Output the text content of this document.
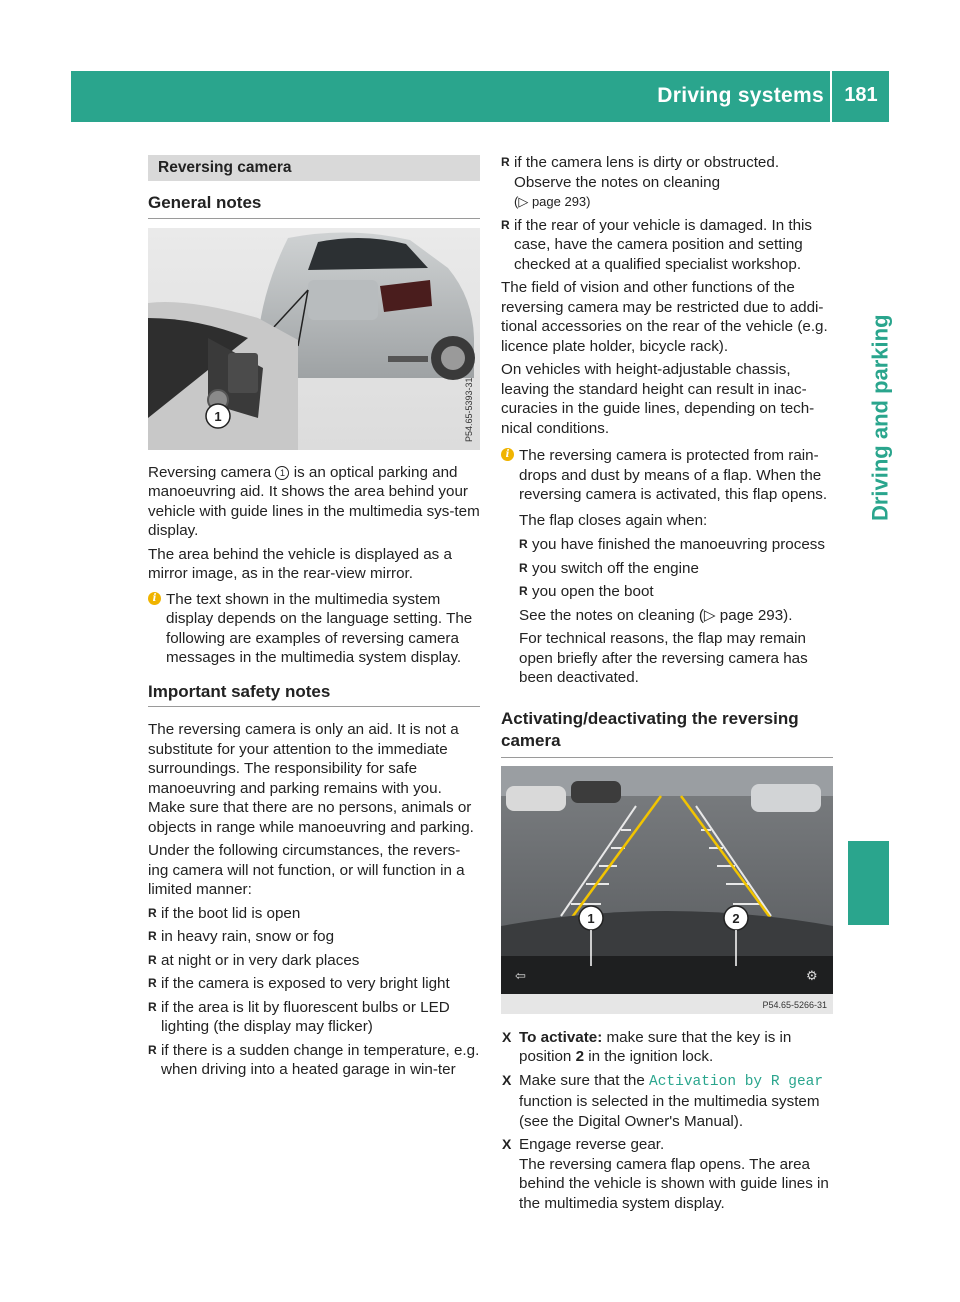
Driving systems	181
Driving and parking
Reversing camera
General notes
1	P54.65-5393-31

Reversing camera 1 is an optical parking and manoeuvring aid. It shows the area behind your vehicle with guide lines in the multimedia sys-tem display.

The area behind the vehicle is displayed as a mirror image, as in the rear-view mirror.

i The text shown in the multimedia system display depends on the language setting. The following are examples of reversing camera messages in the multimedia system display.
Important safety notes

The reversing camera is only an aid. It is not a substitute for your attention to the immediate surroundings. The responsibility for safe manoeuvring and parking remains with you. Make sure that there are no persons, animals or objects in range while manoeuvring and parking.

Under the following circumstances, the revers-ing camera will not function, or will function in a limited manner:

R if the boot lid is open
R in heavy rain, snow or fog
R at night or in very dark places
R if the camera is exposed to very bright light
R if the area is lit by fluorescent bulbs or LED lighting (the display may flicker)
R if there is a sudden change in temperature, e.g. when driving into a heated garage in win-ter
R if the camera lens is dirty or obstructed. Observe the notes on cleaning
(▷ page 293)
R if the rear of your vehicle is damaged. In this case, have the camera position and setting checked at a qualified specialist workshop.

The field of vision and other functions of the reversing camera may be restricted due to addi-tional accessories on the rear of the vehicle (e.g. licence plate holder, bicycle rack).

On vehicles with height-adjustable chassis, leaving the standard height can result in inac-curacies in the guide lines, depending on tech-nical conditions.

i The reversing camera is protected from rain-drops and dust by means of a flap. When the reversing camera is activated, this flap opens.

The flap closes again when:

R you have finished the manoeuvring process
R you switch off the engine
R you open the boot

See the notes on cleaning (▷ page 293).

For technical reasons, the flap may remain open briefly after the reversing camera has been deactivated.

Activating/deactivating the reversing camera
⇦	⚙
1	2
P54.65-5266-31
X To activate: make sure that the key is in position 2 in the ignition lock.
X Make sure that the Activation by R gear function is selected in the multimedia system (see the Digital Owner's Manual).
X Engage reverse gear.
The reversing camera flap opens. The area behind the vehicle is shown with guide lines in the multimedia system display.
